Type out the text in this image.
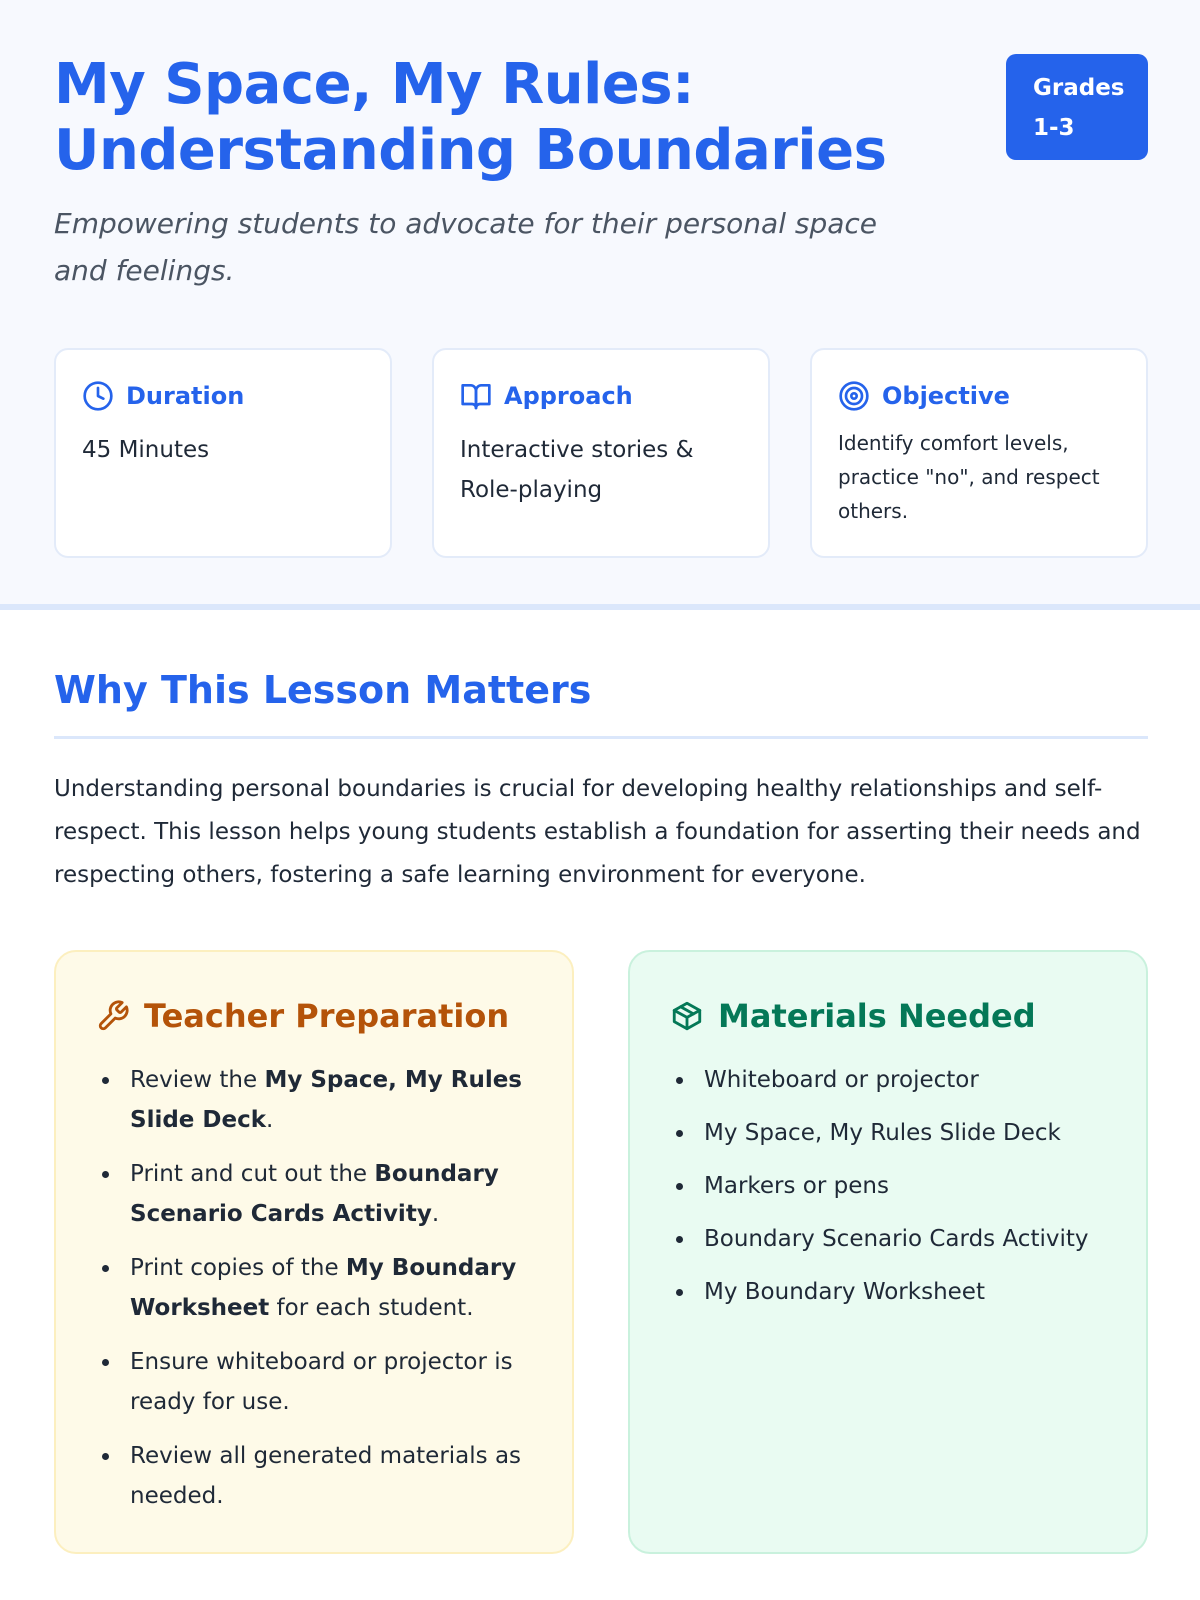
My Space, My Rules: Understanding Boundaries
Grades
1-3

Empowering students to advocate for their personal space and feelings.

Duration
45 Minutes
Approach
Interactive stories & Role-playing
Objective
Identify comfort levels, practice "no", and respect others.
Why This Lesson Matters

Understanding personal boundaries is crucial for developing healthy relationships and self-respect. This lesson helps young students establish a foundation for asserting their needs and respecting others, fostering a safe learning environment for everyone.

Teacher Preparation
Review the My Space, My Rules Slide Deck.
Print and cut out the Boundary Scenario Cards Activity.
Print copies of the My Boundary Worksheet for each student.
Ensure whiteboard or projector is ready for use.
Review all generated materials as needed.
Materials Needed
Whiteboard or projector
My Space, My Rules Slide Deck
Markers or pens
Boundary Scenario Cards Activity
My Boundary Worksheet
